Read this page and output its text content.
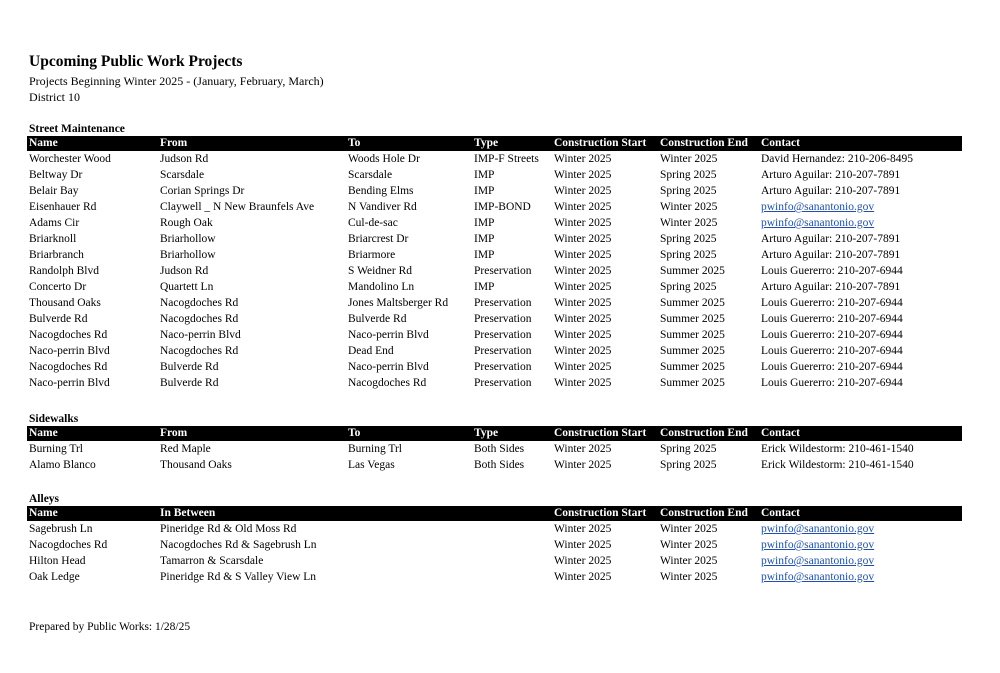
Upcoming Public Work Projects
Projects Beginning Winter 2025 - (January, February, March)
District 10
Street Maintenance
Name	From	To	Type	Construction Start	Construction End	Contact
Worchester Wood	Judson Rd	Woods Hole Dr	IMP-F Streets	Winter 2025	Winter 2025	David Hernandez: 210-206-8495
Beltway Dr	Scarsdale	Scarsdale	IMP	Winter 2025	Spring 2025	Arturo Aguilar: 210-207-7891
Belair Bay	Corian Springs Dr	Bending Elms	IMP	Winter 2025	Spring 2025	Arturo Aguilar: 210-207-7891
Eisenhauer Rd	Claywell _ N New Braunfels Ave	N Vandiver Rd	IMP-BOND	Winter 2025	Winter 2025	pwinfo@sanantonio.gov
Adams Cir	Rough Oak	Cul-de-sac	IMP	Winter 2025	Winter 2025	pwinfo@sanantonio.gov
Briarknoll	Briarhollow	Briarcrest Dr	IMP	Winter 2025	Spring 2025	Arturo Aguilar: 210-207-7891
Briarbranch	Briarhollow	Briarmore	IMP	Winter 2025	Spring 2025	Arturo Aguilar: 210-207-7891
Randolph Blvd	Judson Rd	S Weidner Rd	Preservation	Winter 2025	Summer 2025	Louis Guererro: 210-207-6944
Concerto Dr	Quartett Ln	Mandolino Ln	IMP	Winter 2025	Spring 2025	Arturo Aguilar: 210-207-7891
Thousand Oaks	Nacogdoches Rd	Jones Maltsberger Rd	Preservation	Winter 2025	Summer 2025	Louis Guererro: 210-207-6944
Bulverde Rd	Nacogdoches Rd	Bulverde Rd	Preservation	Winter 2025	Summer 2025	Louis Guererro: 210-207-6944
Nacogdoches Rd	Naco-perrin Blvd	Naco-perrin Blvd	Preservation	Winter 2025	Summer 2025	Louis Guererro: 210-207-6944
Naco-perrin Blvd	Nacogdoches Rd	Dead End	Preservation	Winter 2025	Summer 2025	Louis Guererro: 210-207-6944
Nacogdoches Rd	Bulverde Rd	Naco-perrin Blvd	Preservation	Winter 2025	Summer 2025	Louis Guererro: 210-207-6944
Naco-perrin Blvd	Bulverde Rd	Nacogdoches Rd	Preservation	Winter 2025	Summer 2025	Louis Guererro: 210-207-6944
Sidewalks
Name	From	To	Type	Construction Start	Construction End	Contact
Burning Trl	Red Maple	Burning Trl	Both Sides	Winter 2025	Spring 2025	Erick Wildestorm: 210-461-1540
Alamo Blanco	Thousand Oaks	Las Vegas	Both Sides	Winter 2025	Spring 2025	Erick Wildestorm: 210-461-1540
Alleys
Name	In Between			Construction Start	Construction End	Contact
Sagebrush Ln	Pineridge Rd & Old Moss Rd			Winter 2025	Winter 2025	pwinfo@sanantonio.gov
Nacogdoches Rd	Nacogdoches Rd & Sagebrush Ln			Winter 2025	Winter 2025	pwinfo@sanantonio.gov
Hilton Head	Tamarron & Scarsdale			Winter 2025	Winter 2025	pwinfo@sanantonio.gov
Oak Ledge	Pineridge Rd & S Valley View Ln			Winter 2025	Winter 2025	pwinfo@sanantonio.gov
Prepared by Public Works: 1/28/25
